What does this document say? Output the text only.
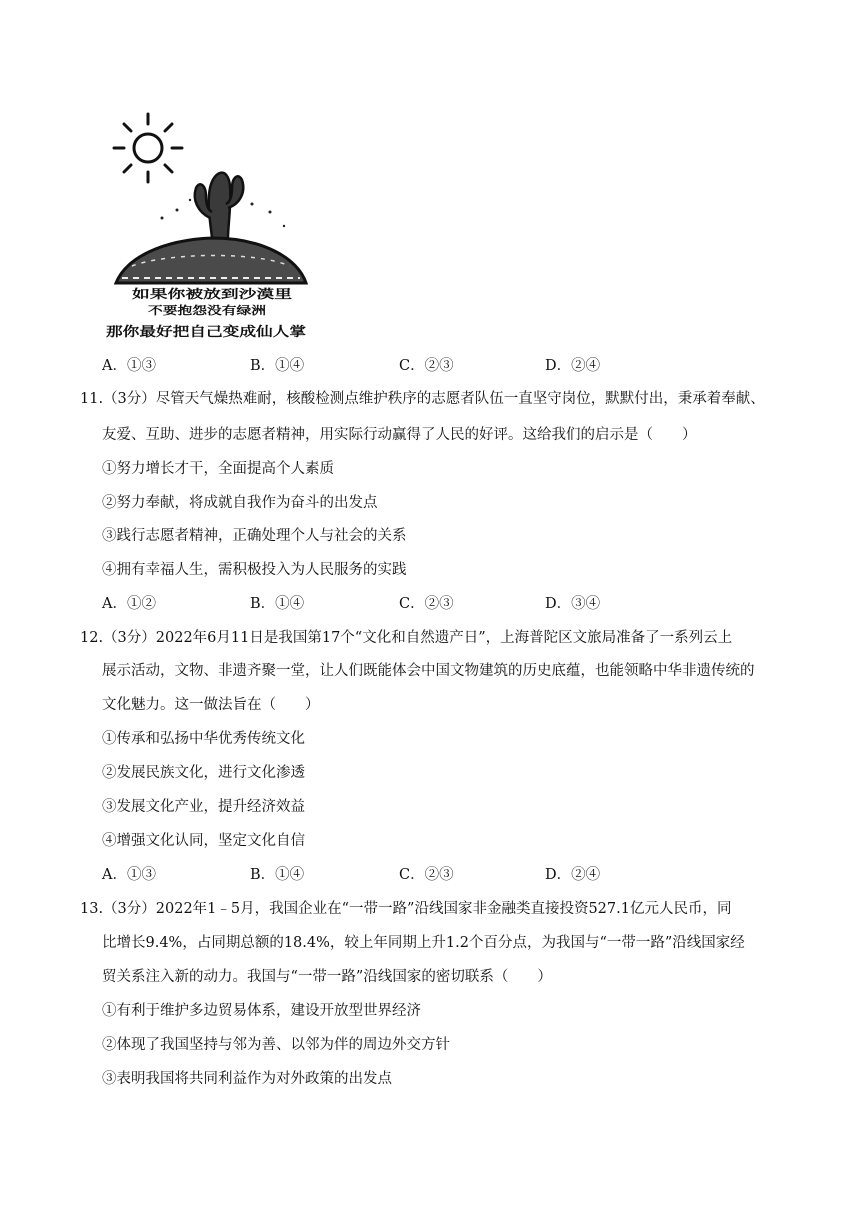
如果你被放到沙漠里
不要抱怨没有绿洲
那你最好把自己变成仙人掌
A．①③	B．①④	C．②③	D．②④
11.（3分）尽管天气燥热难耐，核酸检测点维护秩序的志愿者队伍一直坚守岗位，默默付出，秉承着奉献、
友爱、互助、进步的志愿者精神，用实际行动赢得了人民的好评。这给我们的启示是（　　）
①努力增长才干，全面提高个人素质
②努力奉献，将成就自我作为奋斗的出发点
③践行志愿者精神，正确处理个人与社会的关系
④拥有幸福人生，需积极投入为人民服务的实践
A．①②	B．①④	C．②③	D．③④
12.（3分）2022年6月11日是我国第17个“文化和自然遗产日”，上海普陀区文旅局准备了一系列云上
展示活动，文物、非遗齐聚一堂，让人们既能体会中国文物建筑的历史底蕴，也能领略中华非遗传统的
文化魅力。这一做法旨在（　　）
①传承和弘扬中华优秀传统文化
②发展民族文化，进行文化渗透
③发展文化产业，提升经济效益
④增强文化认同，坚定文化自信
A．①③	B．①④	C．②③	D．②④
13.（3分）2022年1﹣5月，我国企业在“一带一路”沿线国家非金融类直接投资527.1亿元人民币，同
比增长9.4%，占同期总额的18.4%，较上年同期上升1.2个百分点，为我国与“一带一路”沿线国家经
贸关系注入新的动力。我国与“一带一路”沿线国家的密切联系（　　）
①有利于维护多边贸易体系，建设开放型世界经济
②体现了我国坚持与邻为善、以邻为伴的周边外交方针
③表明我国将共同利益作为对外政策的出发点
